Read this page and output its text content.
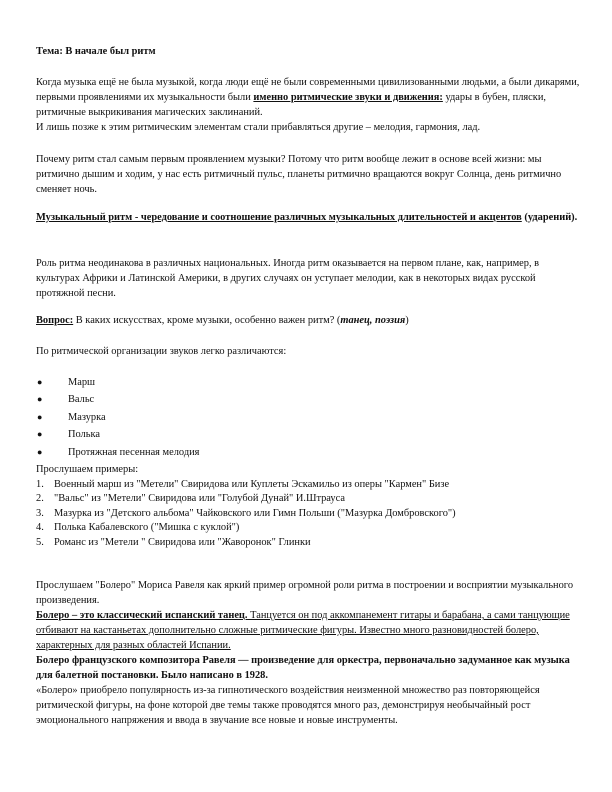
Тема: В начале был ритм

Когда музыка ещё не была музыкой, когда люди ещё не были современными цивилизованными людьми, а были дикарями, первыми проявлениями их музыкальности были именно ритмические звуки и движения: удары в бубен, пляски, ритмичные выкрикивания магических заклинаний.

И лишь позже к этим ритмическим элементам стали прибавляться другие – мелодия, гармония, лад.

Почему ритм стал самым первым проявлением музыки? Потому что ритм вообще лежит в основе всей жизни: мы ритмично дышим и ходим, у нас есть ритмичный пульс, планеты ритмично вращаются вокруг Солнца, день ритмично сменяет ночь.

Музыкальный ритм - чередование и соотношение различных музыкальных длительностей и акцентов (ударений).

Роль ритма неодинакова в различных национальных. Иногда ритм оказывается на первом плане, как, например, в культурах Африки и Латинской Америки, в других случаях он уступает мелодии, как в некоторых видах русской протяжной песни.

Вопрос: В каких искусствах, кроме музыки, особенно важен ритм? (танец, поэзия)

По ритмической организации звуков легко различаются:

● Марш
● Вальс
● Мазурка
● Полька
● Протяжная песенная мелодия

Прослушаем примеры:

1. Военный марш из "Метели" Свиридова или Куплеты Эскамильо из оперы "Кармен" Бизе
2. "Вальс" из "Метели" Свиридова или "Голубой Дунай" И.Штрауса
3. Мазурка из "Детского альбома" Чайковского или Гимн Польши ("Мазурка Домбровского")
4. Полька Кабалевского ("Мишка с куклой")
5. Романс из "Метели " Свиридова или "Жаворонок" Глинки

Прослушаем "Болеро" Мориса Равеля как яркий пример огромной роли ритма в построении и восприятии музыкального произведения.

Болеро – это классический испанский танец. Танцуется он под аккомпанемент гитары и барабана, а сами танцующие отбивают на кастаньетах дополнительно сложные ритмические фигуры. Известно много разновидностей болеро, характерных для разных областей Испании.

Болеро французского композитора Равеля — произведение для оркестра, первоначально задуманное как музыка для балетной постановки. Было написано в 1928.

«Болеро» приобрело популярность из-за гипнотического воздействия неизменной множество раз повторяющейся ритмической фигуры, на фоне которой две темы также проводятся много раз, демонстрируя необычайный рост эмоционального напряжения и ввода в звучание все новые и новые инструменты.
